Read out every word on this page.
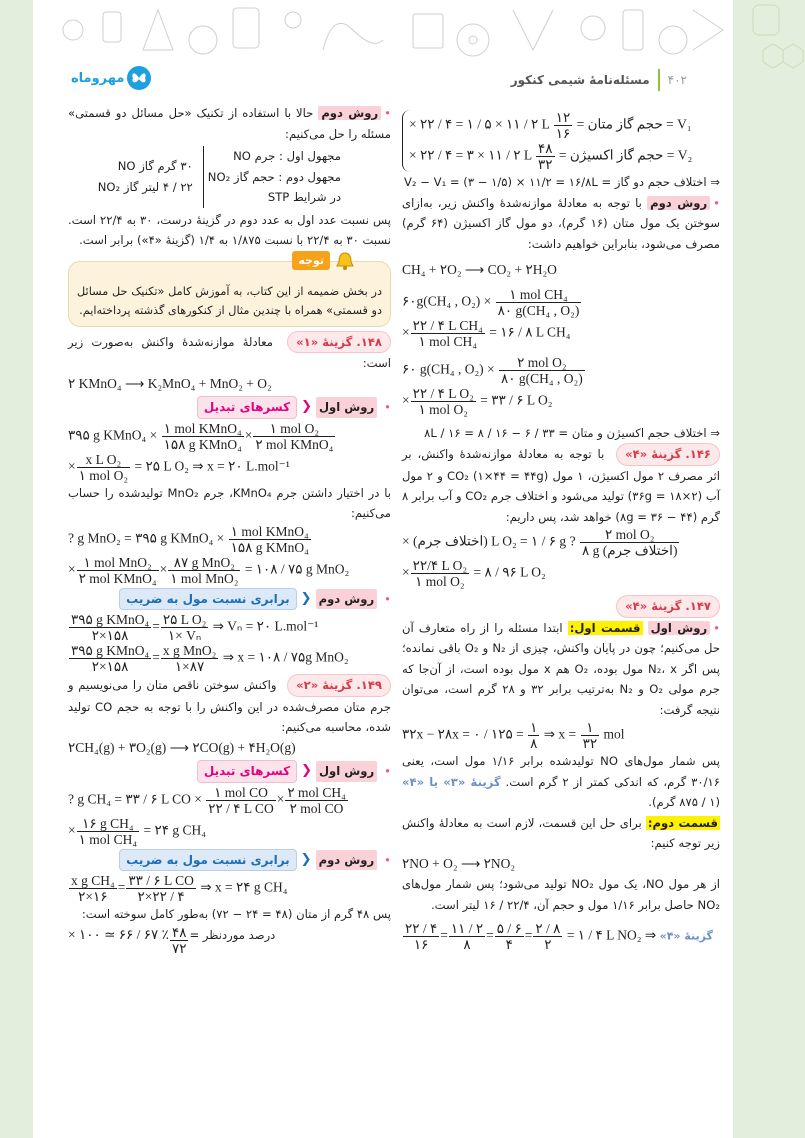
مهروماه	۴۰۲
مسئله‌نامهٔ شیمی کنکور
× ۲۲ / ۴ = ۱ / ۵ × ۱۱ / ۲ L $\frac{۱۲}{۱۶} V_1$ = حجم گاز متان =
× ۲۲ / ۴ = ۳ × ۱۱ / ۲ L $\frac{۴۸}{۳۲} V_2$ = حجم گاز اکسیژن =
⇒ اختلاف حجم دو گاز = V₂ − V₁ = (۳ − ۱/۵) × ۱۱/۲ = ۱۶/۸L
•روش دوم با توجه به معادلهٔ موازنه‌شدهٔ واکنش زیر، به‌ازای سوختن یک مول متان (۱۶ گرم)، دو مول گاز اکسیژن (۶۴ گرم) مصرف می‌شود، بنابراین خواهیم داشت:
CH₄ + ۲O₂ ⟶ CO₂ + ۲H₂O
۶۰g(CH₄ , $O_2) \times \frac{\text{۱ mol CH₄}}{\text{۸۰ g(CH₄ , O₂)}}$
× $\frac{\text{۲۲ / ۴ L CH₄}}{\text{۱ mol CH₄}}$ = ۱۶ / ۸ L CH₄
۶۰ g(CH₄ , $O_2) \times \frac{\text{۲ mol O₂}}{\text{۸۰ g(CH₄ , O₂)}}$
× $\frac{\text{۲۲ / ۴ L O₂}}{\text{۱ mol O₂}}$ = ۳۳ / ۶ L O₂
⇒ اختلاف حجم اکسیژن و متان = ۳۳ / ۶ − ۱۶ / ۸ = ۱۶ / ۸L
۱۴۶. گزینهٔ «۴» با توجه به معادلهٔ موازنه‌شدهٔ واکنش، بر اثر مصرف ۲ مول اکسیژن، ۱ مول CO₂ (۱×۴۴ = ۴۴g) و ۲ مول آب (۲×۱۸ = ۳۶g) تولید می‌شود و اختلاف جرم CO₂ و آب برابر ۸ گرم (۴۴ − ۳۶ = ۸g) خواهد شد، پس داریم:
? L O₂ = ۱ / ۶ g (اختلاف جرم) × $\frac{\text{۲ mol O₂}}{\text{۸ g (اختلاف جرم)}}$
× $\frac{\text{۲۲/۴ L O₂}}{\text{۱ mol O₂}}$ = ۸ / ۹۶ L O₂
۱۴۷. گزینهٔ «۴»
•روش اول قسمت اول: ابتدا مسئله را از راه متعارف آن حل می‌کنیم؛ چون در پایان واکنش، چیزی از N₂ و O₂ باقی نمانده؛ پس اگر N₂، x مول بوده، O₂ هم x مول بوده است، از آن‌جا که جرم مولی O₂ و N₂ به‌ترتیب برابر ۳۲ و ۲۸ گرم است، می‌توان نتیجه گرفت:
۳۲x − ۲۸x = ۰ / ۱۲۵ = $\frac{۱}{۸}$ ⇒ $x = \frac{۱}{۳۲}$ mol
پس شمار مول‌های NO تولیدشده برابر ۱/۱۶ مول است، یعنی ۳۰/۱۶ گرم، که اندکی کمتر از ۲ گرم است. گزینهٔ «۳» یا «۴» (۱ / ۸۷۵ گرم).
قسمت دوم: برای حل این قسمت، لازم است به معادلهٔ واکنش زیر توجه کنیم:
۲NO + O₂ ⟶ ۲NO₂
از هر مول NO، یک مول NO₂ تولید می‌شود؛ پس شمار مول‌های NO₂ حاصل برابر ۱/۱۶ مول و حجم آن، ۲۲/۴ / ۱۶ لیتر است.
$\frac{۲۲ / ۴}{۱۶} = \frac{۱۱ / ۲}{۸} = \frac{۵ / ۶}{۴} = \frac{۲ / ۸}{۲}$ = ۱ / ۴ L NO₂ ⇒ گزینهٔ «۴»
•روش دوم حالا با استفاده از تکنیک «حل مسائل دو قسمتی» مسئله را حل می‌کنیم:
مجهول اول : جرم NO
مجهول دوم : حجم گاز NO₂
در شرایط STP
۳۰ گرم گاز NO
۲۲ / ۴ لیتر گاز NO₂
پس نسبت عدد اول به عدد دوم در گزینهٔ درست، ۳۰ به ۲۲/۴ است. نسبت ۳۰ به ۲۲/۴ با نسبت ۱/۸۷۵ به ۱/۴ (گزینهٔ «۴») برابر است.
توجه
در بخش ضمیمه از این کتاب، به آموزش کامل «تکنیک حل مسائل دو قسمتی» همراه با چندین مثال از کنکورهای گذشته پرداخته‌ایم.
۱۴۸. گزینهٔ «۱» معادلهٔ موازنه‌شدهٔ واکنش به‌صورت زیر است:
۲ KMnO₄ ⟶ K₂MnO₄ + MnO₂ + O₂
•
روش اول
❮
کسرهای تبدیل
۳۹۵ g KMnO₄ × $\frac{\text{۱ mol KMnO₄}}{\text{۱۵۸ g KMnO₄}} \times \frac{\text{۱ mol O₂}}{\text{۲ mol KMnO₄}}$
× $\frac{\text{x L O₂}}{\text{۱ mol O₂}}$ = ۲۵ L O₂ ⇒ x = ۲۰ L.mol⁻¹
با در اختیار داشتن جرم KMnO₄، جرم MnO₂ تولیدشده را حساب می‌کنیم:
? g MnO₂ = ۳۹۵ g KMnO₄ × $\frac{\text{۱ mol KMnO₄}}{\text{۱۵۸ g KMnO₄}}$
× $\frac{\text{۱ mol MnO₂}}{\text{۲ mol KMnO₄}} \times \frac{\text{۸۷ g MnO₂}}{\text{۱ mol MnO₂}}$ = ۱۰۸ / ۷۵ g MnO₂
•
روش دوم
❮
برابری نسبت مول به ضریب
$\frac{\text{۳۹۵ g KMnO₄}}{۲\times ۱۵۸} = \frac{\text{۲۵ L O₂}}{\text{۱× Vₙ}}$ ⇒ Vₙ = ۲۰ L.mol⁻¹
$\frac{\text{۳۹۵ g KMnO₄}}{۲\times ۱۵۸} = \frac{\text{x g MnO₂}}{۱\times ۸۷}$ ⇒ x = ۱۰۸ / ۷۵g MnO₂
۱۴۹. گزینهٔ «۲» واکنش سوختن ناقص متان را می‌نویسیم و جرم متان مصرف‌شده در این واکنش را با توجه به حجم CO تولید شده، محاسبه می‌کنیم:
۲CH₄(g) + ۳O₂(g) ⟶ ۲CO(g) + ۴H₂O(g)
•
روش اول
❮
کسرهای تبدیل
? g CH₄ = ۳۳ / ۶ L CO × $\frac{\text{۱ mol CO}}{\text{۲۲ / ۴ L CO}} \times \frac{\text{۲ mol CH₄}}{\text{۲ mol CO}}$
× $\frac{\text{۱۶ g CH₄}}{\text{۱ mol CH₄}}$ = ۲۴ g CH₄
•
روش دوم
❮
برابری نسبت مول به ضریب
$\frac{\text{x g CH₄}}{۲\times ۱۶} = \frac{\text{۳۳ / ۶ L CO}}{۲\times ۲۲ / ۴}$ ⇒ x = ۲۴ g CH₄
پس ۴۸ گرم از متان (۴۸ = ۲۴ − ۷۲) به‌طور کامل سوخته است:
× ۱۰۰ ≃ ۶۶ / ۶۷ ٪ ۴۸
۷۲
درصد موردنظر =
